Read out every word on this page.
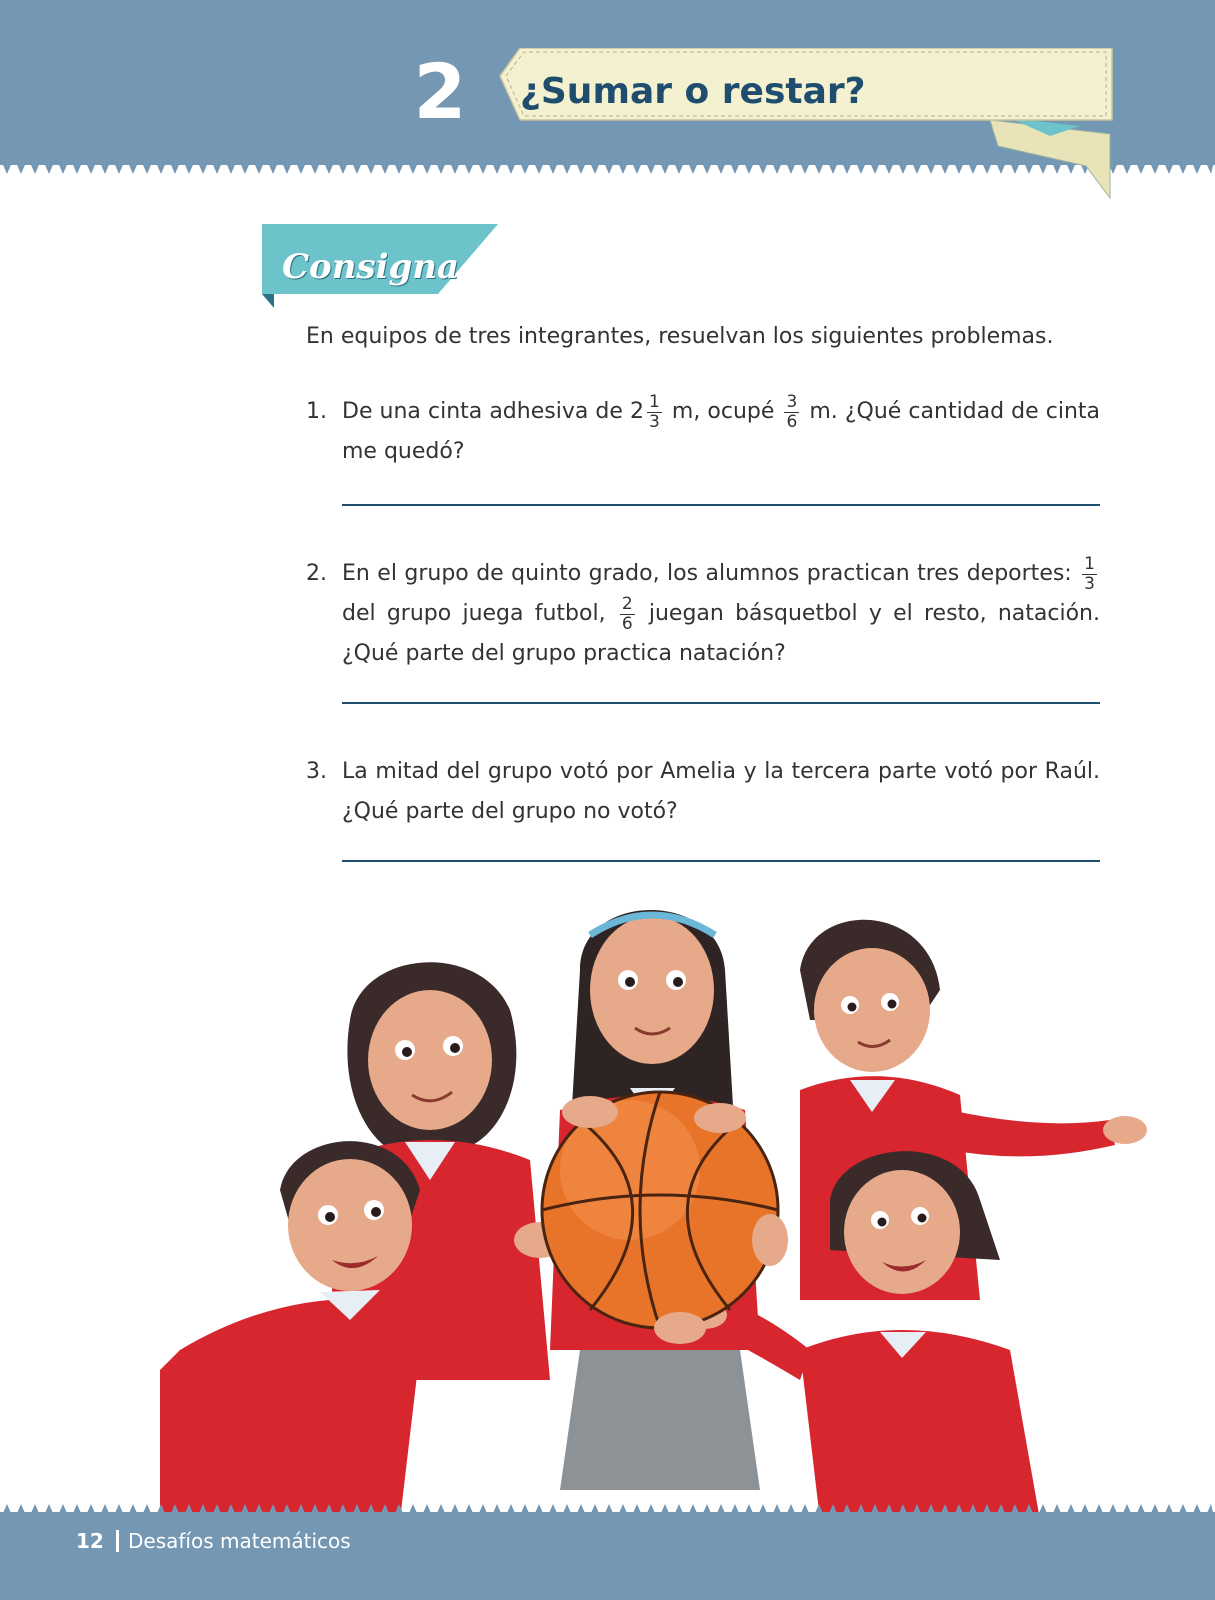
2 ¿Sumar o restar?
Consigna
En equipos de tres integrantes, resuelvan los siguientes problemas.
1. De una cinta adhesiva de $2 \frac{1}{3} m$, ocupé $\frac{3}{6} m$. ¿Qué cantidad de cinta me quedó?
2. En el grupo de quinto grado, los alumnos practican tres deportes: $\frac{1}{3}$
del grupo juega futbol, $\frac{2}{6}$ juegan básquetbol y el resto, natación. ¿Qué parte del grupo practica natación?
3. La mitad del grupo votó por Amelia y la tercera parte votó por Raúl. ¿Qué parte del grupo no votó?
12 Desafíos matemáticos
